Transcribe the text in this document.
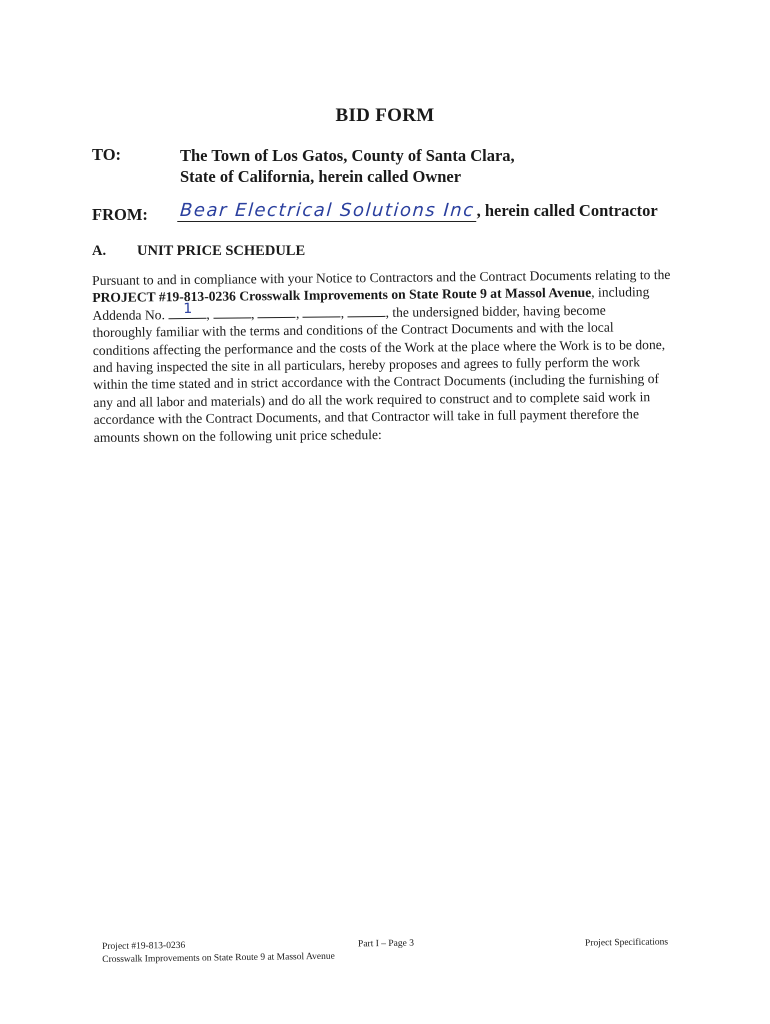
BID FORM
TO:	The Town of Los Gatos, County of Santa Clara,
State of California, herein called Owner
FROM: Bear Electrical Solutions Inc, herein called Contractor
A. UNIT PRICE SCHEDULE
Pursuant to and in compliance with your Notice to Contractors and the Contract Documents relating to the
PROJECT #19-813-0236 Crosswalk Improvements on State Route 9 at Massol Avenue, including
Addenda No. 1 ,	,	,	,	, the undersigned bidder, having become
thoroughly familiar with the terms and conditions of the Contract Documents and with the local
conditions affecting the performance and the costs of the Work at the place where the Work is to be done,
and having inspected the site in all particulars, hereby proposes and agrees to fully perform the work
within the time stated and in strict accordance with the Contract Documents (including the furnishing of
any and all labor and materials) and do all the work required to construct and to complete said work in
accordance with the Contract Documents, and that Contractor will take in full payment therefore the
amounts shown on the following unit price schedule:
Project #19-813-0236
Crosswalk Improvements on State Route 9 at Massol Avenue
Part I – Page 3	Project Specifications
